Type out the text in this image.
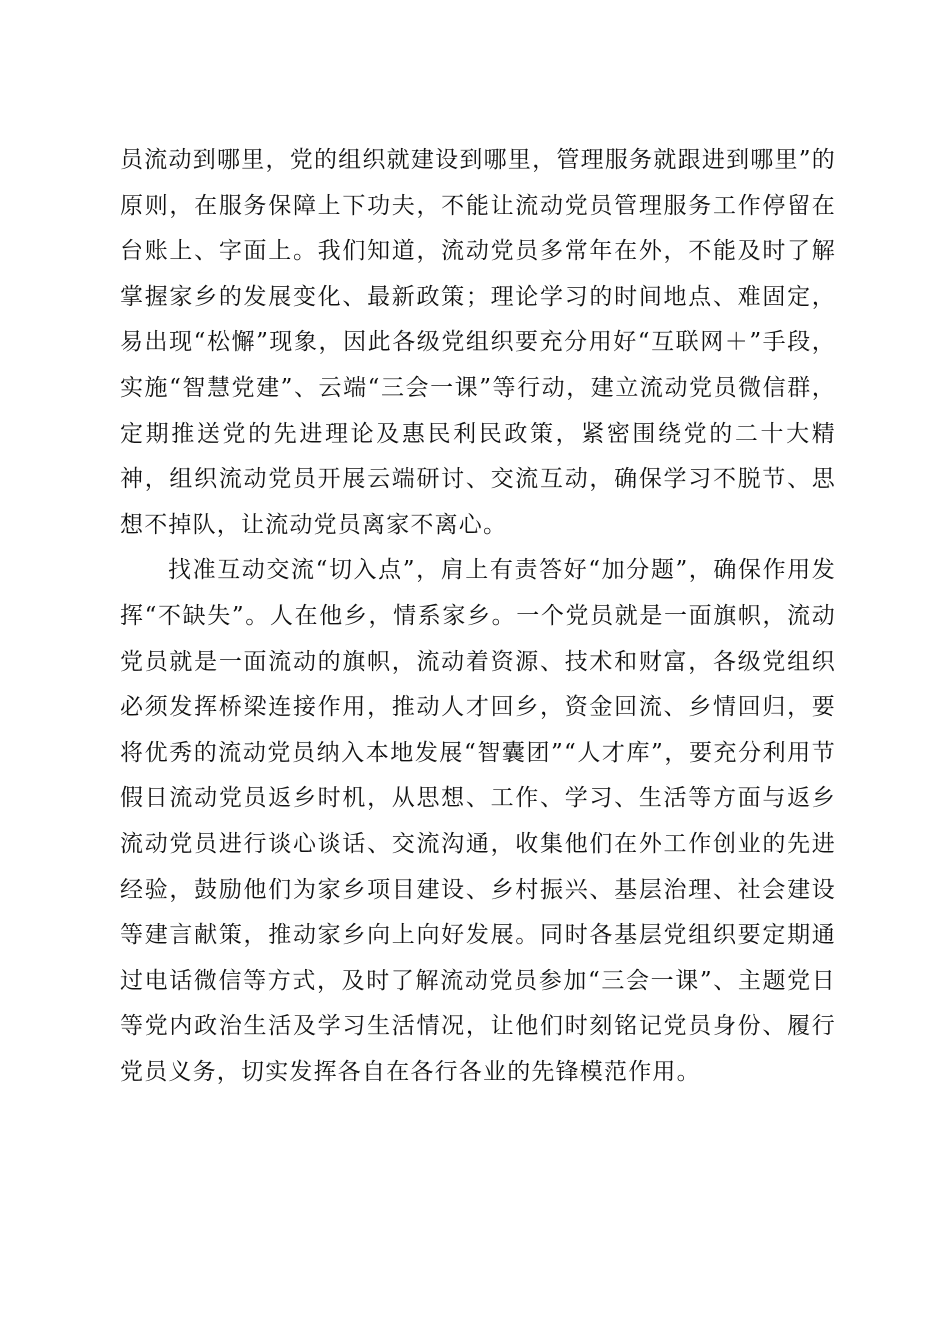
员流动到哪里，党的组织就建设到哪里，管理服务就跟进到哪里”的原则，在服务保障上下功夫，不能让流动党员管理服务工作停留在台账上、字面上。我们知道，流动党员多常年在外，不能及时了解掌握家乡的发展变化、最新政策；理论学习的时间地点、难固定，易出现“松懈”现象，因此各级党组织要充分用好“互联网＋”手段，实施“智慧党建”、云端“三会一课”等行动，建立流动党员微信群，定期推送党的先进理论及惠民利民政策，紧密围绕党的二十大精神，组织流动党员开展云端研讨、交流互动，确保学习不脱节、思想不掉队，让流动党员离家不离心。

找准互动交流“切入点”，肩上有责答好“加分题”，确保作用发挥“不缺失”。人在他乡，情系家乡。一个党员就是一面旗帜，流动党员就是一面流动的旗帜，流动着资源、技术和财富，各级党组织必须发挥桥梁连接作用，推动人才回乡，资金回流、乡情回归，要将优秀的流动党员纳入本地发展“智囊团”“人才库”，要充分利用节假日流动党员返乡时机，从思想、工作、学习、生活等方面与返乡流动党员进行谈心谈话、交流沟通，收集他们在外工作创业的先进经验，鼓励他们为家乡项目建设、乡村振兴、基层治理、社会建设等建言献策，推动家乡向上向好发展。同时各基层党组织要定期通过电话微信等方式，及时了解流动党员参加“三会一课”、主题党日等党内政治生活及学习生活情况，让他们时刻铭记党员身份、履行党员义务，切实发挥各自在各行各业的先锋模范作用。
